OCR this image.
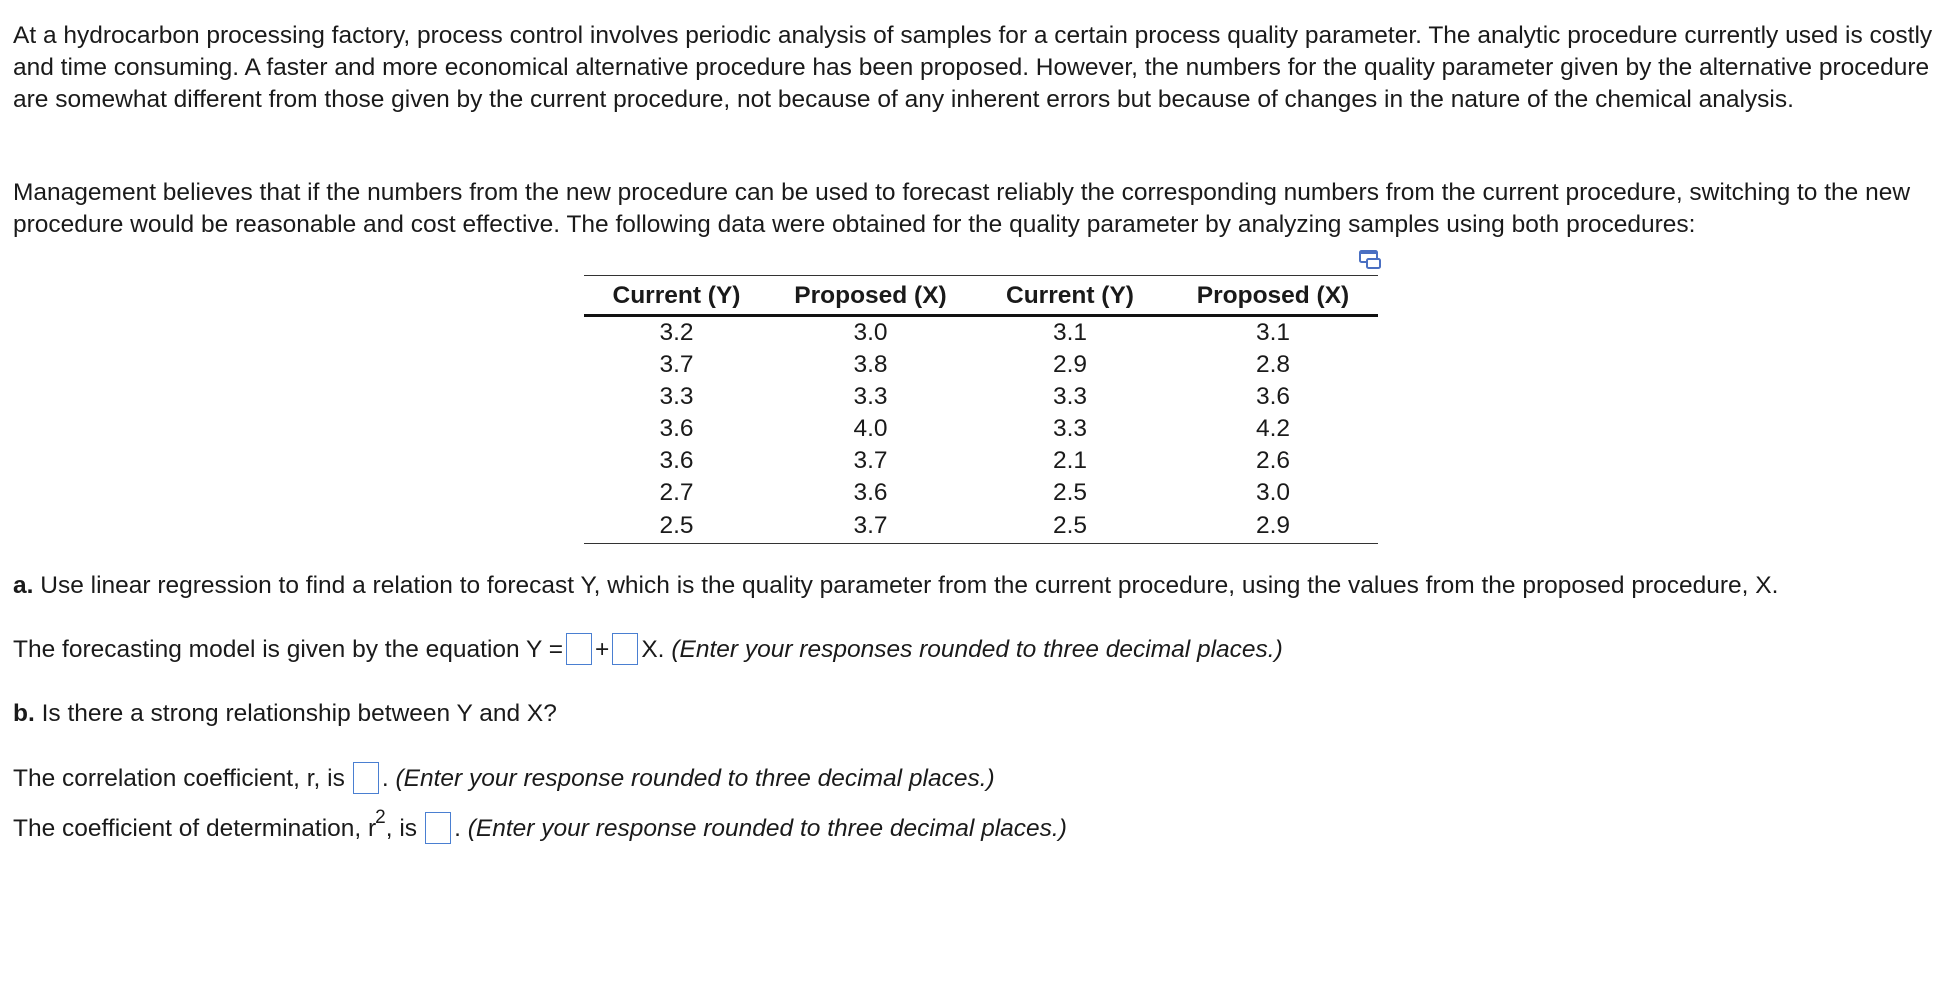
At a hydrocarbon processing factory, process control involves periodic analysis of samples for a certain process quality parameter. The analytic procedure currently used is costly and time consuming. A faster and more economical alternative procedure has been proposed. However, the numbers for the quality parameter given by the alternative procedure are somewhat different from those given by the current procedure, not because of any inherent errors but because of changes in the nature of the chemical analysis.

Management believes that if the numbers from the new procedure can be used to forecast reliably the corresponding numbers from the current procedure, switching to the new procedure would be reasonable and cost effective. The following data were obtained for the quality parameter by analyzing samples using both procedures:

Current (Y)	Proposed (X)	Current (Y)	Proposed (X)
3.2	3.0	3.1	3.1
3.7	3.8	2.9	2.8
3.3	3.3	3.3	3.6
3.6	4.0	3.3	4.2
3.6	3.7	2.1	2.6
2.7	3.6	2.5	3.0
2.5	3.7	2.5	2.9
a. Use linear regression to find a relation to forecast Y, which is the quality parameter from the current procedure, using the values from the proposed procedure, X.
The forecasting model is given by the equation Y = + X. (Enter your responses rounded to three decimal places.)
b. Is there a strong relationship between Y and X?
The correlation coefficient, r, is . (Enter your response rounded to three decimal places.)
The coefficient of determination, $r^2$, is . (Enter your response rounded to three decimal places.)
